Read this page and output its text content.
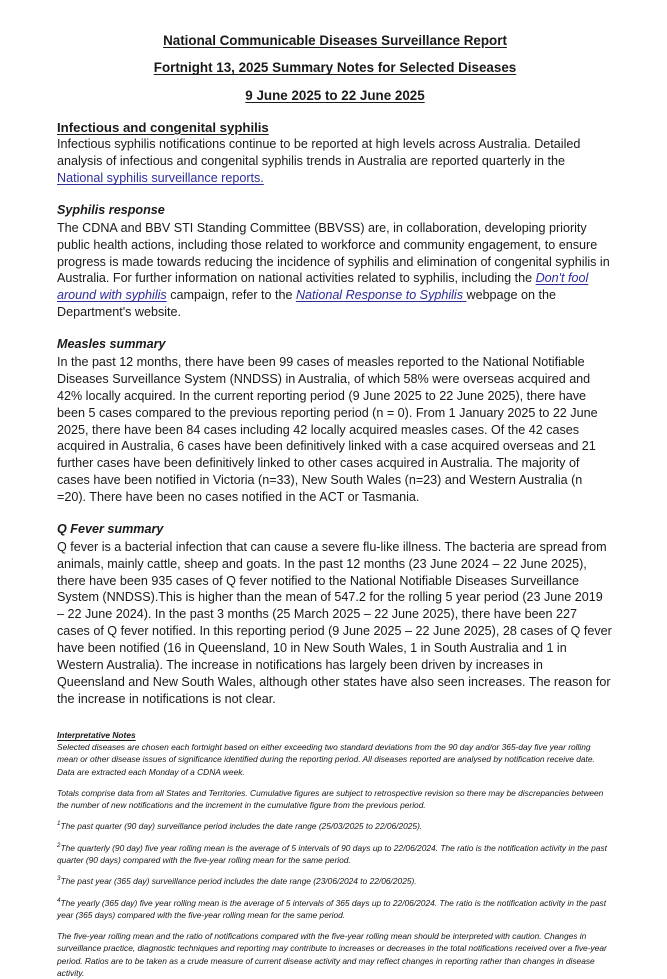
National Communicable Diseases Surveillance Report
Fortnight 13, 2025 Summary Notes for Selected Diseases
9 June 2025 to 22 June 2025
Infectious and congenital syphilis

Infectious syphilis notifications continue to be reported at high levels across Australia. Detailed analysis of infectious and congenital syphilis trends in Australia are reported quarterly in the National syphilis surveillance reports.

Syphilis response

The CDNA and BBV STI Standing Committee (BBVSS) are, in collaboration, developing priority public health actions, including those related to workforce and community engagement, to ensure progress is made towards reducing the incidence of syphilis and elimination of congenital syphilis in Australia. For further information on national activities related to syphilis, including the Don't fool around with syphilis campaign, refer to the National Response to Syphilis webpage on the Department's website.

Measles summary

In the past 12 months, there have been 99 cases of measles reported to the National Notifiable Diseases Surveillance System (NNDSS) in Australia, of which 58% were overseas acquired and 42% locally acquired. In the current reporting period (9 June 2025 to 22 June 2025), there have been 5 cases compared to the previous reporting period (n = 0). From 1 January 2025 to 22 June 2025, there have been 84 cases including 42 locally acquired measles cases. Of the 42 cases acquired in Australia, 6 cases have been definitively linked with a case acquired overseas and 21 further cases have been definitively linked to other cases acquired in Australia. The majority of cases have been notified in Victoria (n=33), New South Wales (n=23) and Western Australia (n =20). There have been no cases notified in the ACT or Tasmania.

Q Fever summary

Q fever is a bacterial infection that can cause a severe flu-like illness. The bacteria are spread from animals, mainly cattle, sheep and goats. In the past 12 months (23 June 2024 – 22 June 2025), there have been 935 cases of Q fever notified to the National Notifiable Diseases Surveillance System (NNDSS).This is higher than the mean of 547.2 for the rolling 5 year period (23 June 2019 – 22 June 2024). In the past 3 months (25 March 2025 – 22 June 2025), there have been 227 cases of Q fever notified. In this reporting period (9 June 2025 – 22 June 2025), 28 cases of Q fever have been notified (16 in Queensland, 10 in New South Wales, 1 in South Australia and 1 in Western Australia). The increase in notifications has largely been driven by increases in Queensland and New South Wales, although other states have also seen increases. The reason for the increase in notifications is not clear.

Interpretative Notes

Selected diseases are chosen each fortnight based on either exceeding two standard deviations from the 90 day and/or 365-day five year rolling mean or other disease issues of significance identified during the reporting period. All diseases reported are analysed by notification receive date. Data are extracted each Monday of a CDNA week.

Totals comprise data from all States and Territories. Cumulative figures are subject to retrospective revision so there may be discrepancies between the number of new notifications and the increment in the cumulative figure from the previous period.

$^1$The past quarter (90 day) surveillance period includes the date range (25/03/2025 to 22/06/2025).

$^2$The quarterly (90 day) five year rolling mean is the average of 5 intervals of 90 days up to 22/06/2024. The ratio is the notification activity in the past quarter (90 days) compared with the five-year rolling mean for the same period.

$^3$The past year (365 day) surveillance period includes the date range (23/06/2024 to 22/06/2025).

$^4$The yearly (365 day) five year rolling mean is the average of 5 intervals of 365 days up to 22/06/2024. The ratio is the notification activity in the past year (365 days) compared with the five-year rolling mean for the same period.

The five-year rolling mean and the ratio of notifications compared with the five-year rolling mean should be interpreted with caution. Changes in surveillance practice, diagnostic techniques and reporting may contribute to increases or decreases in the total notifications received over a five-year period. Ratios are to be taken as a crude measure of current disease activity and may reflect changes in reporting rather than changes in disease activity.
